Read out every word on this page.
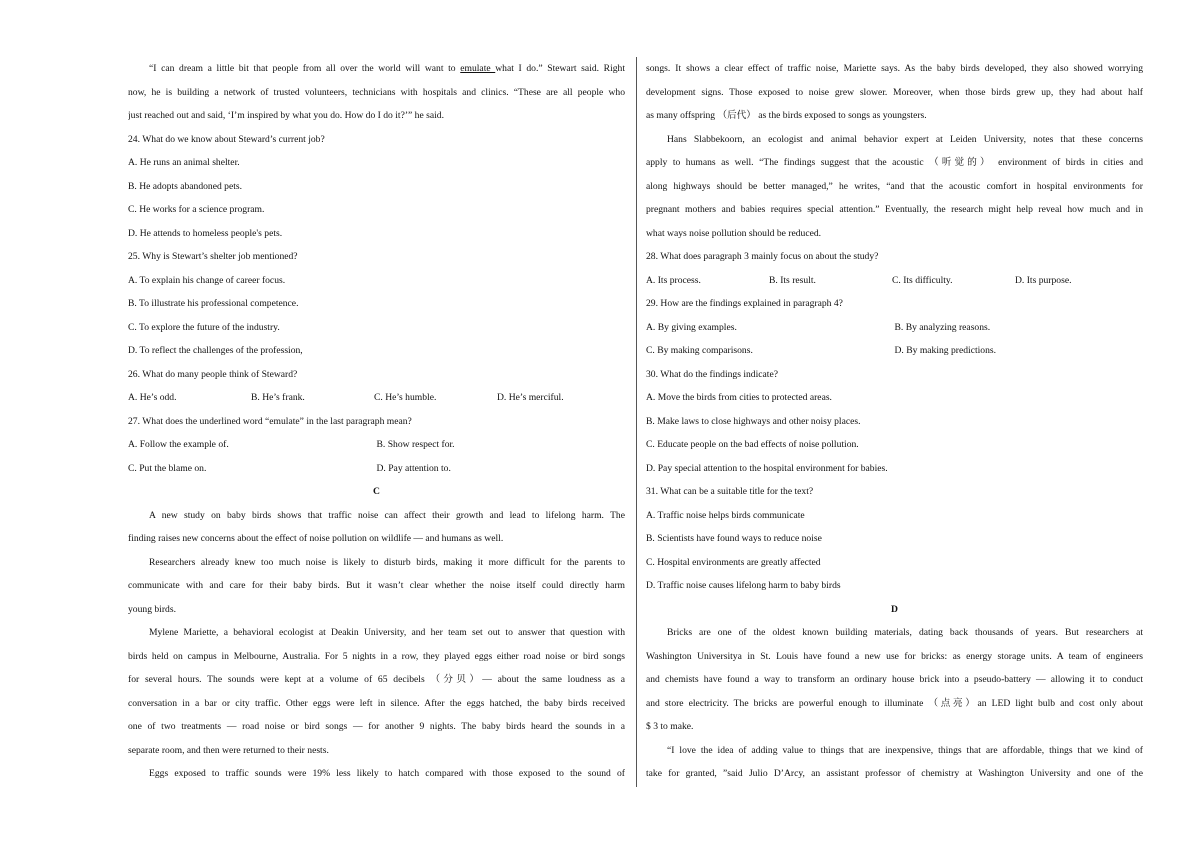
“I can dream a little bit that people from all over the world will want to emulate what I do.” Stewart said. Right
now, he is building a network of trusted volunteers, technicians with hospitals and clinics. “These are all people who
just reached out and said, ‘I’m inspired by what you do. How do I do it?’” he said.
24. What do we know about Steward’s current job?
A. He runs an animal shelter.
B. He adopts abandoned pets.
C. He works for a science program.
D. He attends to homeless people's pets.
25. Why is Stewart’s shelter job mentioned?
A. To explain his change of career focus.
B. To illustrate his professional competence.
C. To explore the future of the industry.
D. To reflect the challenges of the profession,
26. What do many people think of Steward?
A. He’s odd.	B. He’s frank.	C. He’s humble.	D. He’s merciful.
27. What does the underlined word “emulate” in the last paragraph mean?
A. Follow the example of.	B. Show respect for.
C. Put the blame on.	D. Pay attention to.
C
A new study on baby birds shows that traffic noise can affect their growth and lead to lifelong harm. The
finding raises new concerns about the effect of noise pollution on wildlife — and humans as well.
Researchers already knew too much noise is likely to disturb birds, making it more difficult for the parents to
communicate with and care for their baby birds. But it wasn’t clear whether the noise itself could directly harm
young birds.
Mylene Mariette, a behavioral ecologist at Deakin University, and her team set out to answer that question with
birds held on campus in Melbourne, Australia. For 5 nights in a row, they played eggs either road noise or bird songs
for several hours. The sounds were kept at a volume of 65 decibels （分贝）— about the same loudness as a
conversation in a bar or city traffic. Other eggs were left in silence. After the eggs hatched, the baby birds received
one of two treatments — road noise or bird songs — for another 9 nights. The baby birds heard the sounds in a
separate room, and then were returned to their nests.
Eggs exposed to traffic sounds were 19% less likely to hatch compared with those exposed to the sound of
songs. It shows a clear effect of traffic noise, Mariette says. As the baby birds developed, they also showed worrying
development signs. Those exposed to noise grew slower. Moreover, when those birds grew up, they had about half
as many offspring （后代） as the birds exposed to songs as youngsters.
Hans Slabbekoorn, an ecologist and animal behavior expert at Leiden University, notes that these concerns
apply to humans as well. “The findings suggest that the acoustic （听觉的） environment of birds in cities and
along highways should be better managed,” he writes, “and that the acoustic comfort in hospital environments for
pregnant mothers and babies requires special attention.” Eventually, the research might help reveal how much and in
what ways noise pollution should be reduced.
28. What does paragraph 3 mainly focus on about the study?
A. Its process.	B. Its result.	C. Its difficulty.	D. Its purpose.
29. How are the findings explained in paragraph 4?
A. By giving examples.	B. By analyzing reasons.
C. By making comparisons.	D. By making predictions.
30. What do the findings indicate?
A. Move the birds from cities to protected areas.
B. Make laws to close highways and other noisy places.
C. Educate people on the bad effects of noise pollution.
D. Pay special attention to the hospital environment for babies.
31. What can be a suitable title for the text?
A. Traffic noise helps birds communicate
B. Scientists have found ways to reduce noise
C. Hospital environments are greatly affected
D. Traffic noise causes lifelong harm to baby birds
D
Bricks are one of the oldest known building materials, dating back thousands of years. But researchers at
Washington Universitya in St. Louis have found a new use for bricks: as energy storage units. A team of engineers
and chemists have found a way to transform an ordinary house brick into a pseudo-battery — allowing it to conduct
and store electricity. The bricks are powerful enough to illuminate （点亮）an LED light bulb and cost only about
$ 3 to make.
“I love the idea of adding value to things that are inexpensive, things that are affordable, things that we kind of
take for granted, ”said Julio D’Arcy, an assistant professor of chemistry at Washington University and one of the
